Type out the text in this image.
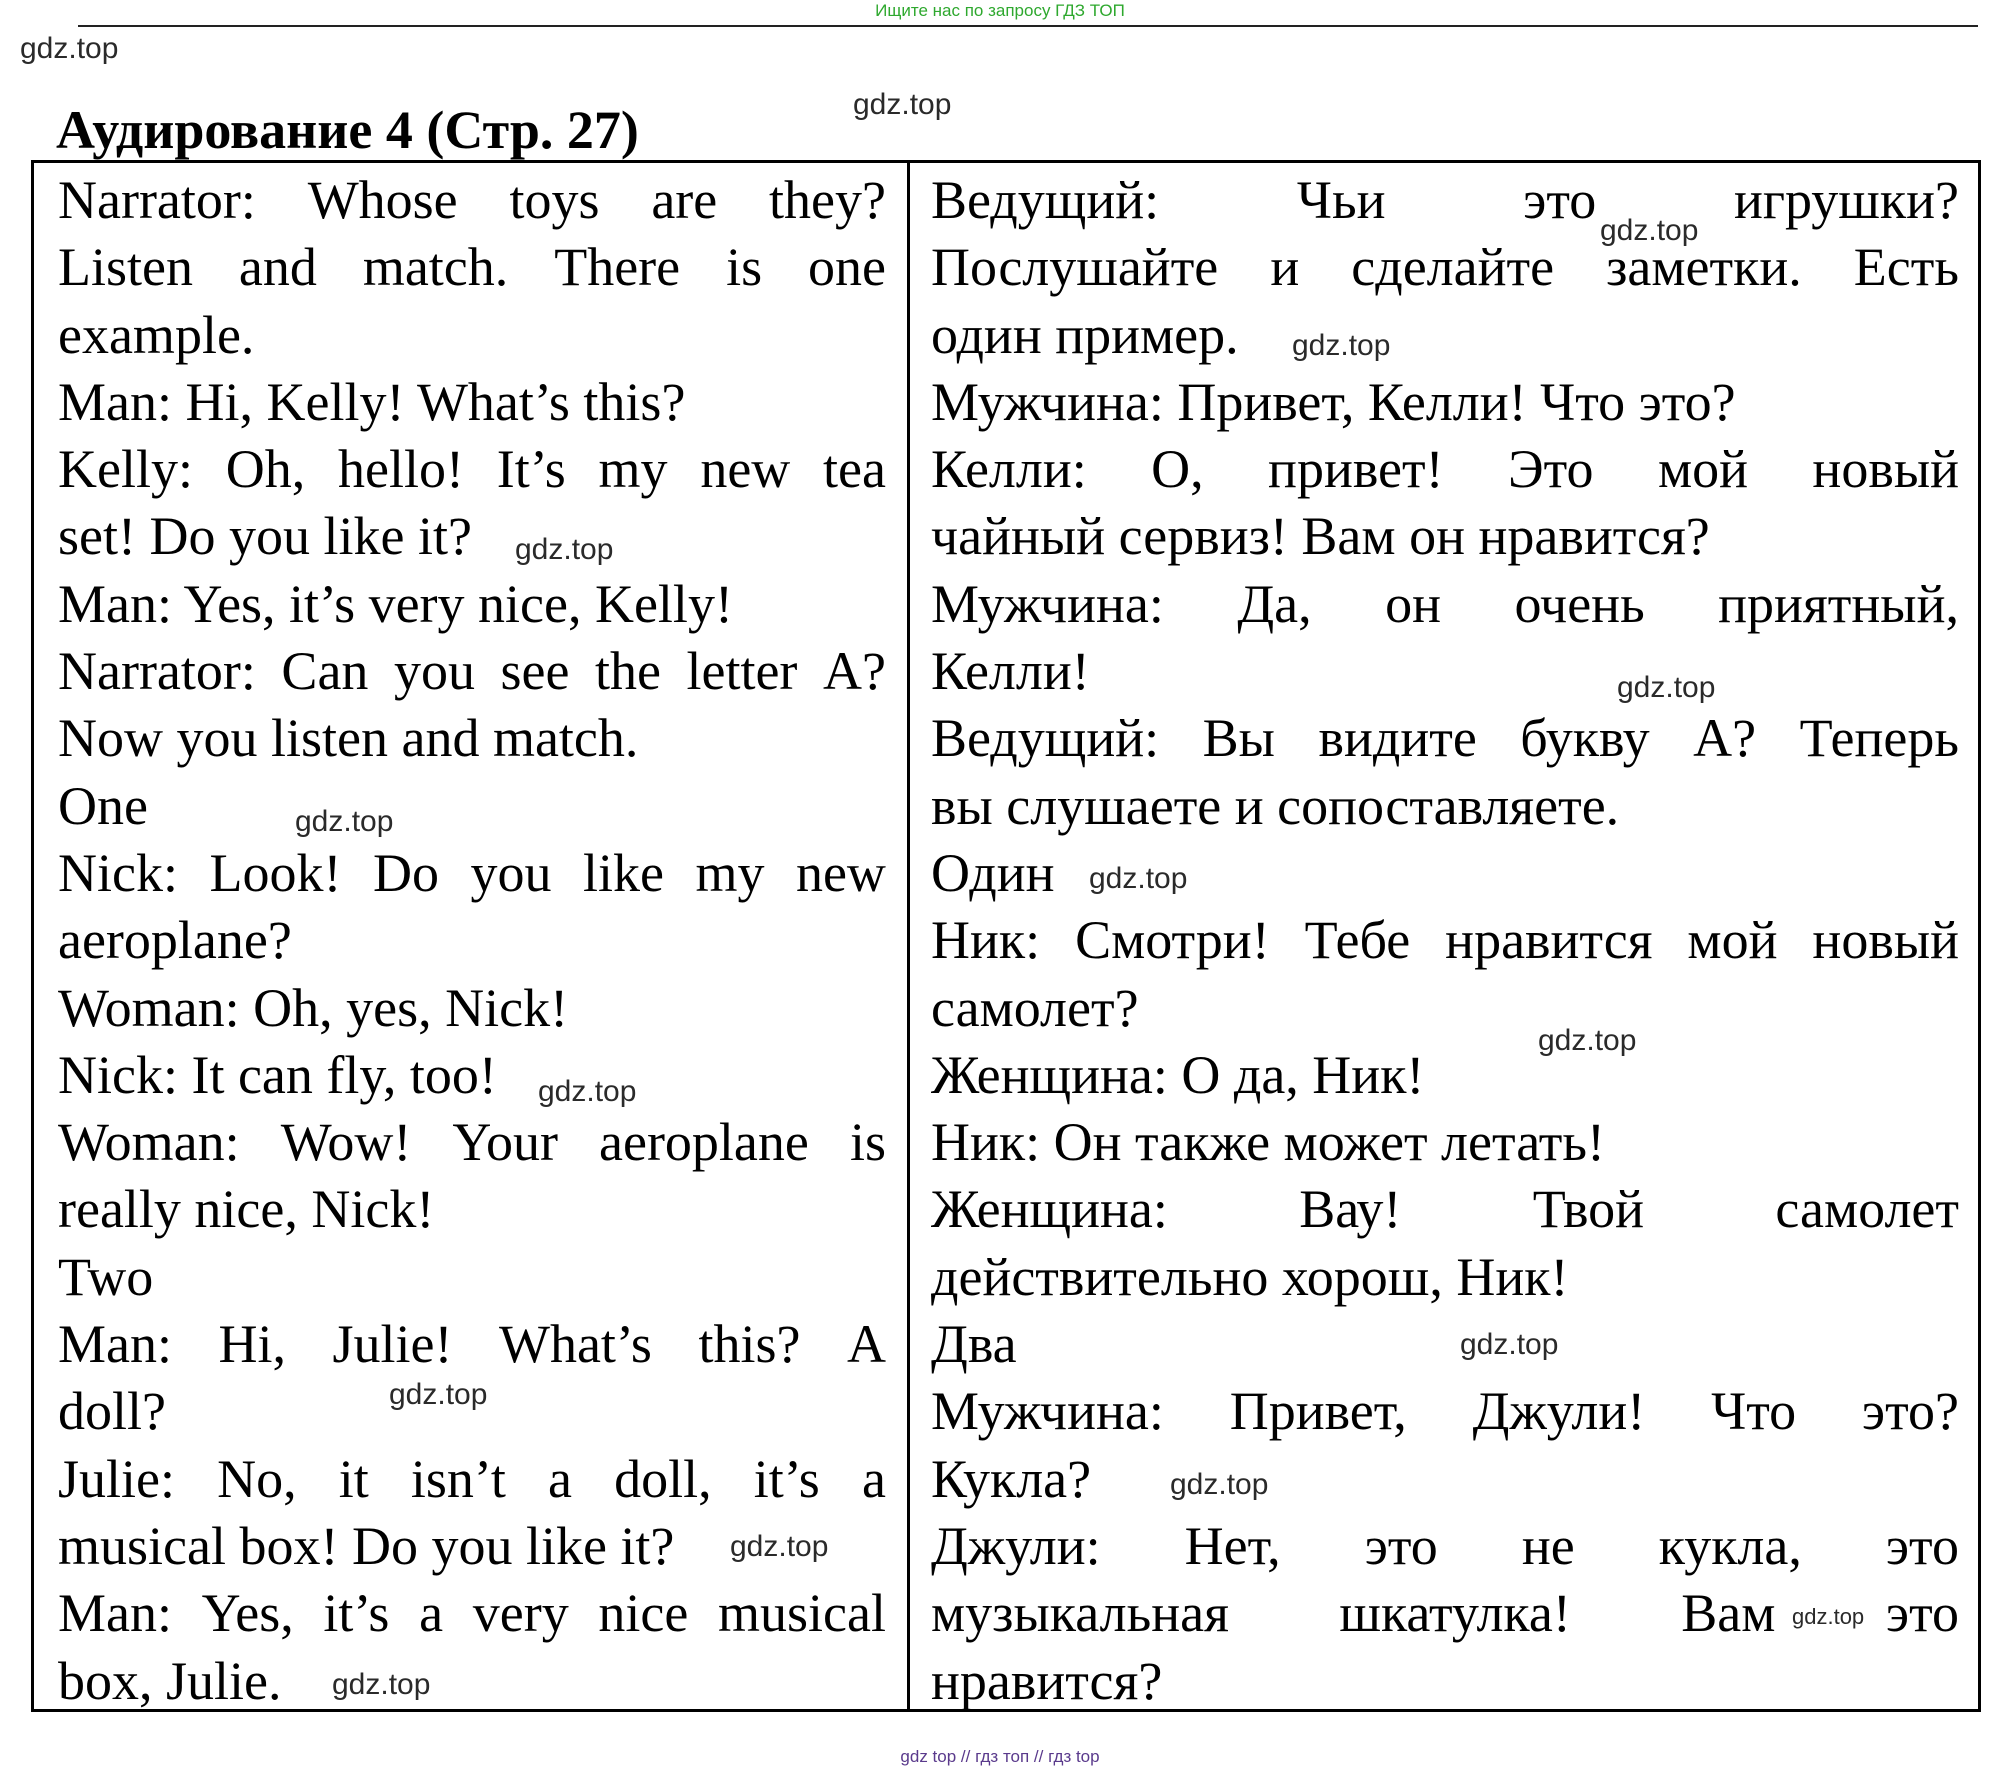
Ищите нас по запросу ГДЗ ТОП
gdz.top
gdz.top
Аудирование 4 (Стр. 27)
Narrator: Whose toys are they?
Listen and match. There is one
example.
Man: Hi, Kelly! What’s this?
Kelly: Oh, hello! It’s my new tea
set! Do you like it?
Man: Yes, it’s very nice, Kelly!
Narrator: Can you see the letter A?
Now you listen and match.
One
Nick: Look! Do you like my new
aeroplane?
Woman: Oh, yes, Nick!
Nick: It can fly, too!
Woman: Wow! Your aeroplane is
really nice, Nick!
Two
Man: Hi, Julie! What’s this? A
doll?
Julie: No, it isn’t a doll, it’s a
musical box! Do you like it?
Man: Yes, it’s a very nice musical
box, Julie.
Ведущий:	Чьи	это	игрушки?
Послушайте и сделайте заметки. Есть
один пример.
Мужчина: Привет, Келли! Что это?
Келли: О, привет! Это мой новый
чайный сервиз! Вам он нравится?
Мужчина: Да, он очень приятный,
Келли!
Ведущий: Вы видите букву А? Теперь
вы слушаете и сопоставляете.
Один
Ник: Смотри! Тебе нравится мой новый
самолет?
Женщина: О да, Ник!
Ник: Он также может летать!
Женщина: Вау! Твой самолет
действительно хорош, Ник!
Два
Мужчина: Привет, Джули! Что это?
Кукла?
Джули: Нет, это не кукла, это
музыкальная шкатулка! Вам это
нравится?
gdz.top
gdz.top
gdz.top
gdz.top
gdz.top
gdz.top
gdz.top
gdz.top
gdz.top
gdz.top
gdz.top
gdz.top
gdz.top
gdz.top
gdz top // гдз топ // гдз top
